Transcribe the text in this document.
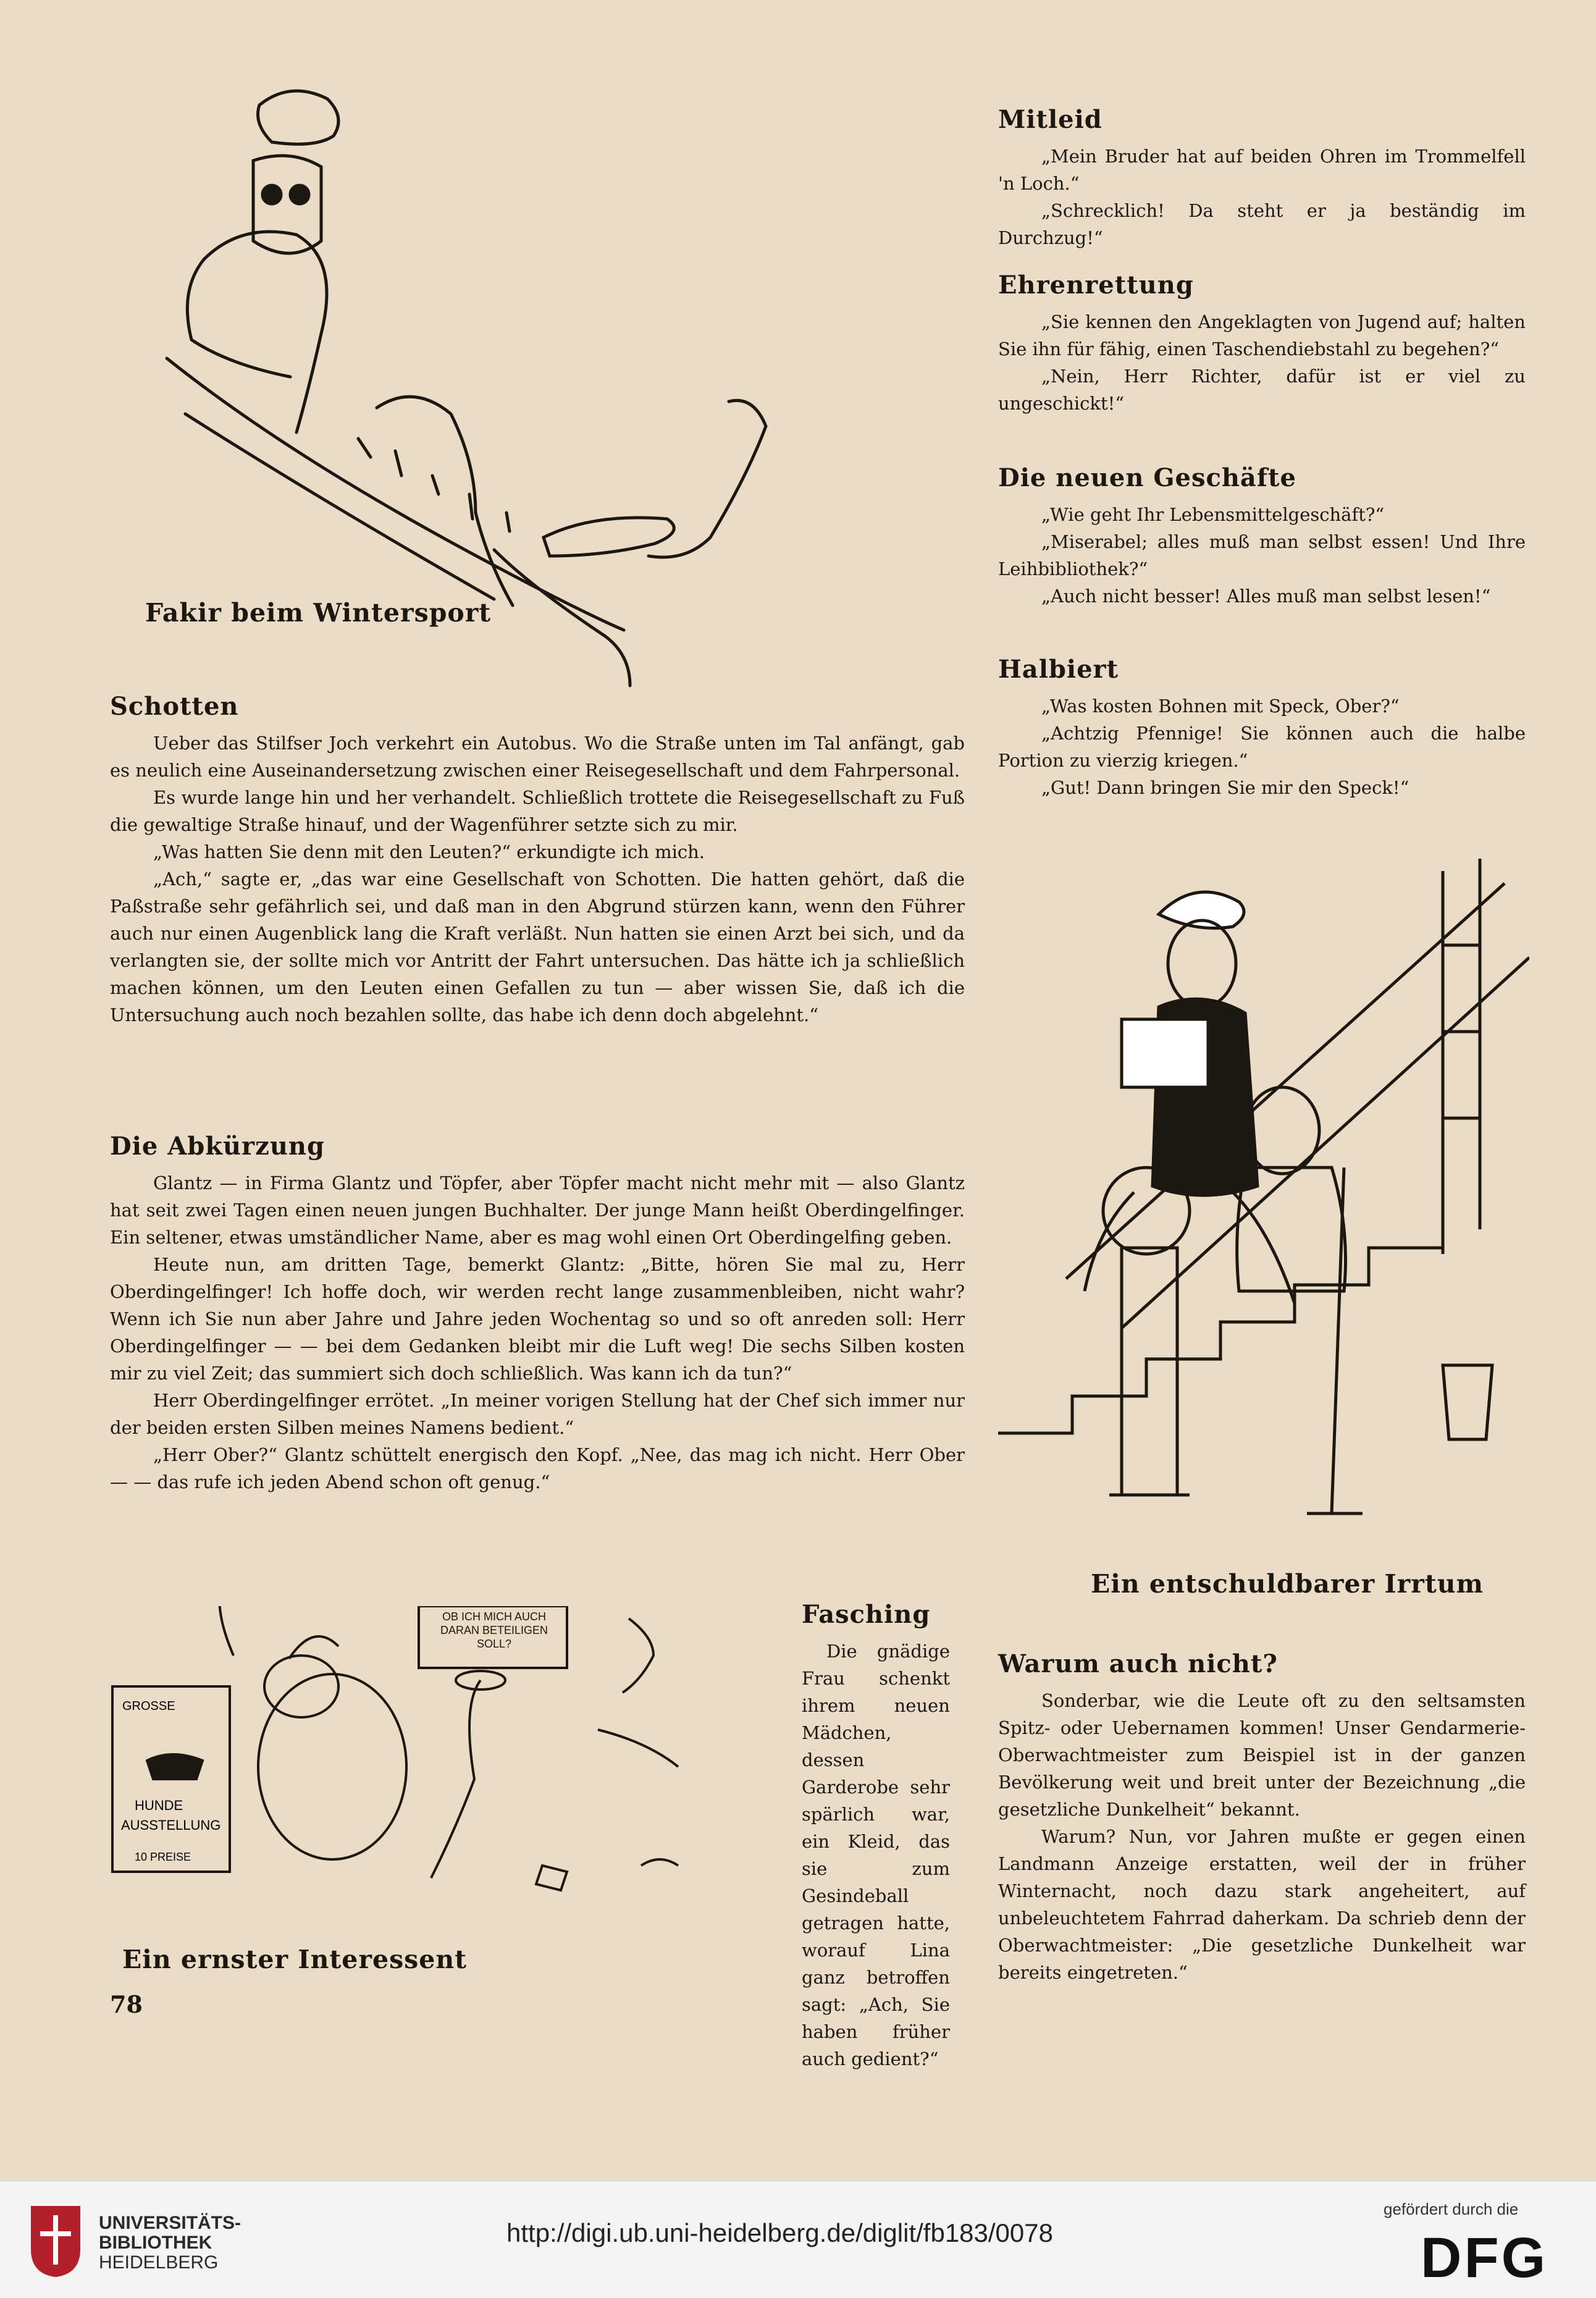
Fakir beim Wintersport
Schotten

Ueber das Stilfser Joch verkehrt ein Autobus. Wo die Straße unten im Tal anfängt, gab es neulich eine Auseinandersetzung zwischen einer Reisegesellschaft und dem Fahrpersonal.

Es wurde lange hin und her verhandelt. Schließlich trottete die Reisegesellschaft zu Fuß die gewaltige Straße hinauf, und der Wagenführer setzte sich zu mir.

„Was hatten Sie denn mit den Leuten?“ erkundigte ich mich.

„Ach,“ sagte er, „das war eine Gesellschaft von Schotten. Die hatten gehört, daß die Paßstraße sehr gefährlich sei, und daß man in den Abgrund stürzen kann, wenn den Führer auch nur einen Augenblick lang die Kraft verläßt. Nun hatten sie einen Arzt bei sich, und da verlangten sie, der sollte mich vor Antritt der Fahrt untersuchen. Das hätte ich ja schließlich machen können, um den Leuten einen Gefallen zu tun — aber wissen Sie, daß ich die Untersuchung auch noch bezahlen sollte, das habe ich denn doch abgelehnt.“

Die Abkürzung

Glantz — in Firma Glantz und Töpfer, aber Töpfer macht nicht mehr mit — also Glantz hat seit zwei Tagen einen neuen jungen Buchhalter. Der junge Mann heißt Oberdingelfinger. Ein seltener, etwas umständlicher Name, aber es mag wohl einen Ort Oberdingelfing geben.

Heute nun, am dritten Tage, bemerkt Glantz: „Bitte, hören Sie mal zu, Herr Oberdingelfinger! Ich hoffe doch, wir werden recht lange zusammenbleiben, nicht wahr? Wenn ich Sie nun aber Jahre und Jahre jeden Wochentag so und so oft anreden soll: Herr Oberdingelfinger — — bei dem Gedanken bleibt mir die Luft weg! Die sechs Silben kosten mir zu viel Zeit; das summiert sich doch schließlich. Was kann ich da tun?“

Herr Oberdingelfinger errötet. „In meiner vorigen Stellung hat der Chef sich immer nur der beiden ersten Silben meines Namens bedient.“

„Herr Ober?“ Glantz schüttelt energisch den Kopf. „Nee, das mag ich nicht. Herr Ober — — das rufe ich jeden Abend schon oft genug.“

GROSSE
HUNDE
AUSSTELLUNG
10 PREISE
OB ICH MICH AUCH DARAN BETEILIGEN SOLL?
Ein ernster Interessent
78
Fasching

Die gnädige Frau schenkt ihrem neuen Mädchen, dessen Garderobe sehr spärlich war, ein Kleid, das sie zum Gesindeball getragen hatte, worauf Lina ganz betroffen sagt: „Ach, Sie haben früher auch gedient?“

Mitleid

„Mein Bruder hat auf beiden Ohren im Trommelfell 'n Loch.“

„Schrecklich! Da steht er ja beständig im Durchzug!“

Ehrenrettung

„Sie kennen den Angeklagten von Jugend auf; halten Sie ihn für fähig, einen Taschendiebstahl zu begehen?“

„Nein, Herr Richter, dafür ist er viel zu ungeschickt!“

Die neuen Geschäfte

„Wie geht Ihr Lebensmittelgeschäft?“

„Miserabel; alles muß man selbst essen! Und Ihre Leihbibliothek?“

„Auch nicht besser! Alles muß man selbst lesen!“

Halbiert

„Was kosten Bohnen mit Speck, Ober?“

„Achtzig Pfennige! Sie können auch die halbe Portion zu vierzig kriegen.“

„Gut! Dann bringen Sie mir den Speck!“

Ein entschuldbarer Irrtum
Warum auch nicht?

Sonderbar, wie die Leute oft zu den seltsamsten Spitz- oder Uebernamen kommen! Unser Gendarmerie-Oberwachtmeister zum Beispiel ist in der ganzen Bevölkerung weit und breit unter der Bezeichnung „die gesetzliche Dunkelheit“ bekannt.

Warum? Nun, vor Jahren mußte er gegen einen Landmann Anzeige erstatten, weil der in früher Winternacht, noch dazu stark angeheitert, auf unbeleuchtetem Fahrrad daherkam. Da schrieb denn der Oberwachtmeister: „Die gesetzliche Dunkelheit war bereits eingetreten.“

UNIVERSITÄTS-
BIBLIOTHEK
HEIDELBERG
http://digi.ub.uni-heidelberg.de/diglit/fb183/0078
gefördert durch die
DFG
